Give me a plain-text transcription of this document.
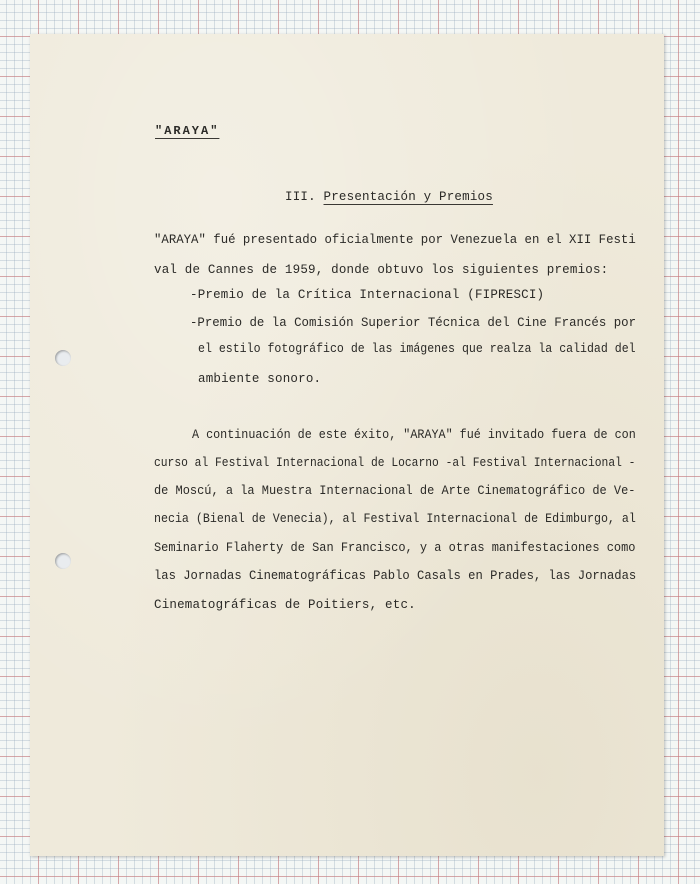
"ARAYA"
III. Presentación y Premios
"ARAYA" fué presentado oficialmente por Venezuela en el XII Festi
val de Cannes de 1959, donde obtuvo los siguientes premios:
-Premio de la Crítica Internacional (FIPRESCI)
-Premio de la Comisión Superior Técnica del Cine Francés por
el estilo fotográfico de las imágenes que realza la calidad del
ambiente sonoro.
A continuación de este éxito, "ARAYA" fué invitado fuera de con
curso al Festival Internacional de Locarno -al Festival Internacional -
de Moscú, a la Muestra Internacional de Arte Cinematográfico de Ve-
necia (Bienal de Venecia), al Festival Internacional de Edimburgo, al
Seminario Flaherty de San Francisco, y a otras manifestaciones como
las Jornadas Cinematográficas Pablo Casals en Prades, las Jornadas
Cinematográficas de Poitiers, etc.
